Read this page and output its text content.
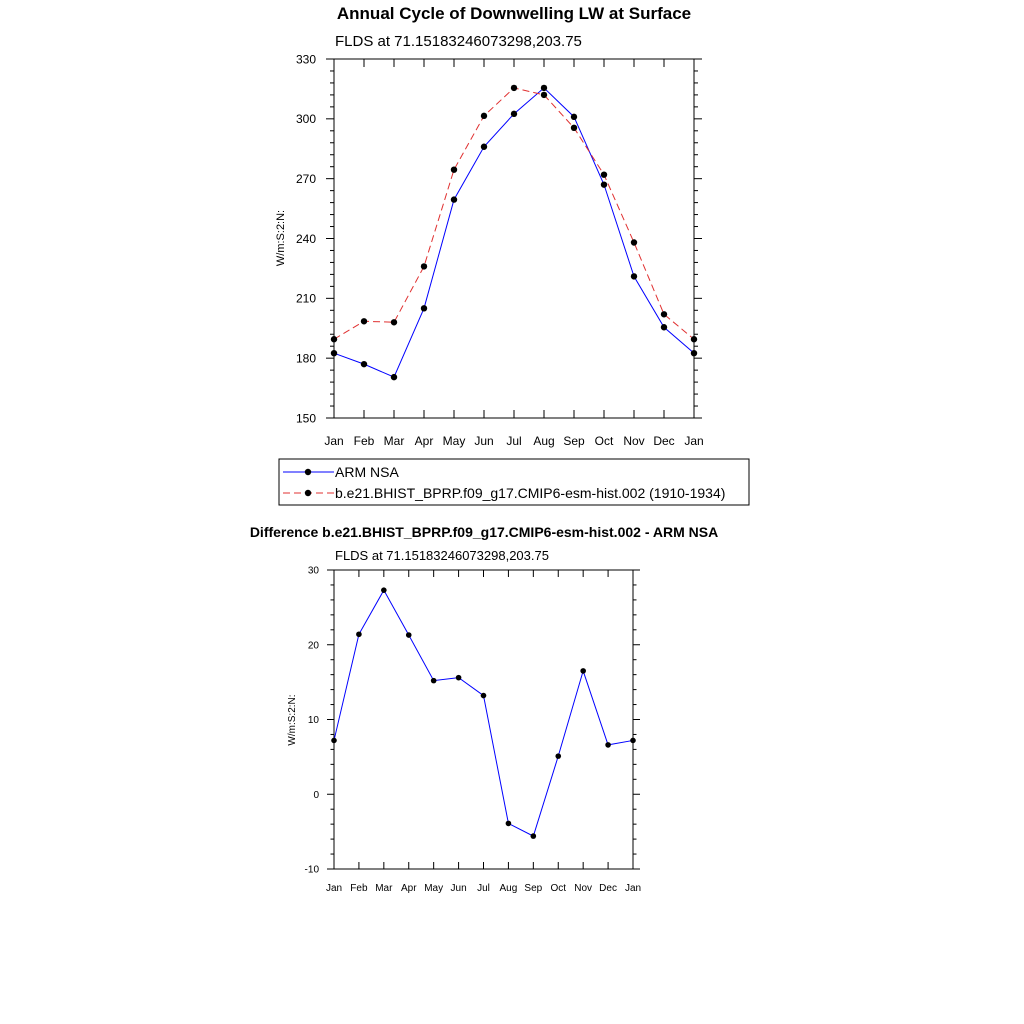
Annual Cycle of Downwelling LW at Surface
FLDS at 71.15183246073298,203.75
W/m:S:2:N:
150
180
210
240
270
300
330
Jan Feb Mar Apr May Jun Jul Aug Sep Oct Nov Dec Jan
ARM NSA
b.e21.BHIST_BPRP.f09_g17.CMIP6-esm-hist.002 (1910-1934)
Difference b.e21.BHIST_BPRP.f09_g17.CMIP6-esm-hist.002 - ARM NSA
FLDS at 71.15183246073298,203.75
W/m:S:2:N:
-10
0
10
20
30
Jan Feb Mar Apr May Jun Jul Aug Sep Oct Nov Dec Jan
